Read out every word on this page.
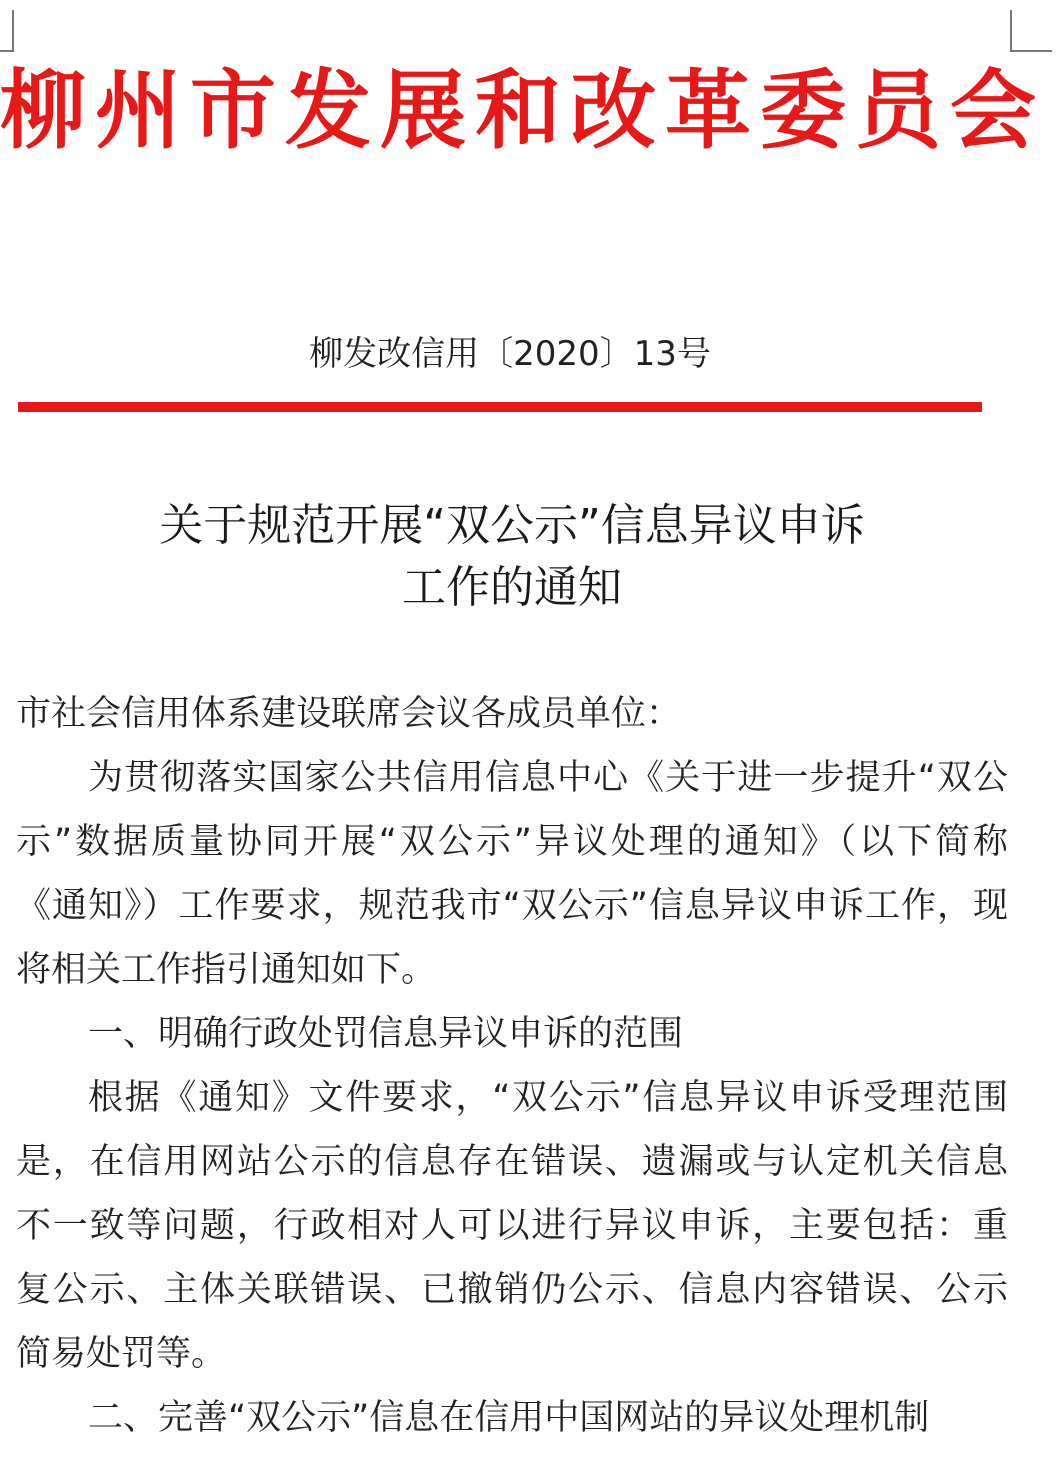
柳州市发展和改革委员会
柳发改信用〔2020〕13号
关于规范开展“双公示”信息异议申诉
工作的通知
市社会信用体系建设联席会议各成员单位：
为贯彻落实国家公共信用信息中心《关于进一步提升“双公
示”数据质量协同开展“双公示”异议处理的通知》（以下简称
《通知》）工作要求，规范我市“双公示”信息异议申诉工作，现
将相关工作指引通知如下。
一、明确行政处罚信息异议申诉的范围
根据《通知》文件要求，“双公示”信息异议申诉受理范围
是，在信用网站公示的信息存在错误、遗漏或与认定机关信息
不一致等问题，行政相对人可以进行异议申诉，主要包括：重
复公示、主体关联错误、已撤销仍公示、信息内容错误、公示
简易处罚等。
二、完善“双公示”信息在信用中国网站的异议处理机制
